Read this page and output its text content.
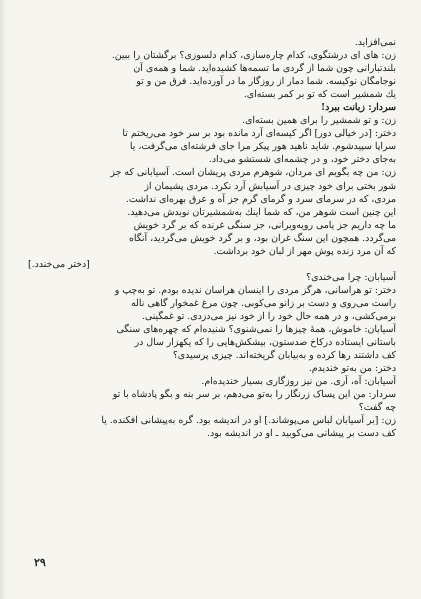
نمی‌افزاید.
زن: های ای درشتگوی، کدام چاره‌سازی، کدام دلسوزی؟ برگشتان را ببین.
بلندتبارانی چون شما از گردی ما تسمه‌ها کشیده‌اید. شما و همه‌ی آن
نوجامگان نوکیسه. شما دمار از روزگار ما در آورده‌اید. فرق من و تو
یك شمشیر است که تو بر کمر بسته‌ای.
سردار: زبانت ببرد!
زن: و تو شمشیر را برای همین بسته‌ای.
دختر: [در خیالی دور] اگر کیسه‌ای آرد مانده بود بر سر خود می‌ریختم تا
سراپا سپیدشوم. شاید ناهید هور پیکر مرا جای فرشته‌ای می‌گرفت، یا
به‌جای دختر خود، و در چشمه‌ای شستشو می‌داد.
زن: من چه بگویم ای مردان، شوهرم مردی پریشان است. آسیابانی که جز
شور بختی برای خود چیزی در آسیابش آرد نکرد. مردی پشیمان از
مردی، که در سرمای سرد و گرمای گرم جز آه و عرق بهره‌ای نداشت.
این چنین است شوهر من، که شما اینك به‌شمشیرتان نوبدش می‌دهید.
ما چه داریم جز یامی رویه‌ویرانی، جز سنگی غرنده که بر گرد خویش
می‌گردد. همچون این سنگ غران بود، و بر گرد خویش می‌گردید، آنگاه
که آن مرد زنده پوش مهر از لبان خود برداشت.
[دختر می‌خندد.]
آسیابان: چرا می‌خندی؟
دختر: تو هراسانی، هرگز مردی را اینسان هراسان ندیده بودم. تو به‌چپ و
راست می‌روی و دست بر زانو می‌کوبی. چون مرغ غمخوار گاهی ناله
برمی‌کشی، و در همه حال خود را از خود نیز می‌دزدی. تو غمگینی.
آسیابان: خاموش، همهٔ چیزها را نمی‌شنوی؟ شنیده‌ام که چهره‌های سنگی
باستانی ایستاده درکاخ صدستون، بیشکش‌هایی را که یکهزار سال در
کف داشتند رها کرده و به‌بیابان گریخته‌اند. چیزی پرسیدی؟
دختر: من به‌تو خندیدم.
آسیابان: آه، آری. من نیز روزگاری بسیار خندیده‌ام.
سردار: من این پساک زرنگار را به‌تو می‌دهم، بر سر بنه و بگو پادشاه با تو
چه گفت؟
زن: [بر آسیابان لباس می‌پوشاند.] او در اندیشه بود. گره به‌پیشانی افکنده. یا
کف دست بر پیشانی می‌کوبید ـ او در اندیشه بود.
۲۹
